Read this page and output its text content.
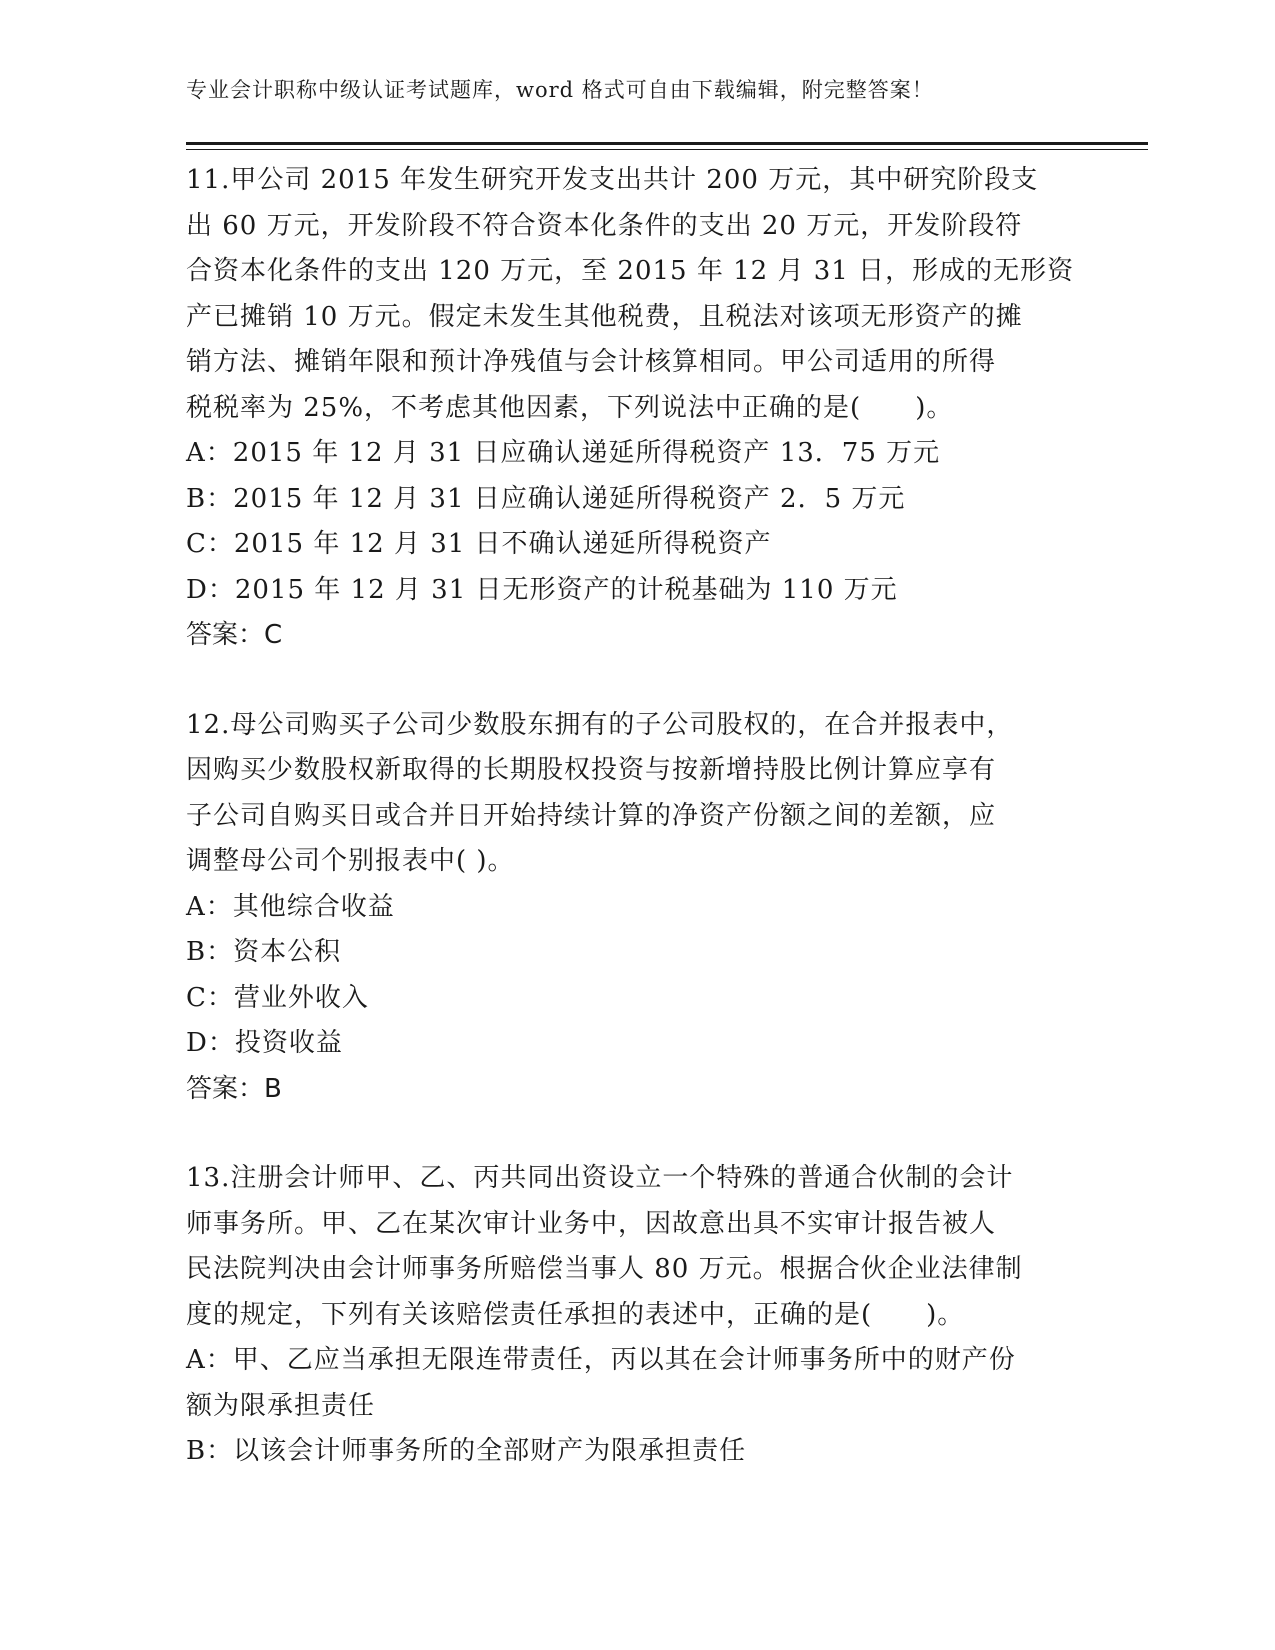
专业会计职称中级认证考试题库，word 格式可自由下载编辑，附完整答案！
11.甲公司 2015 年发生研究开发支出共计 200 万元，其中研究阶段支
出 60 万元，开发阶段不符合资本化条件的支出 20 万元，开发阶段符
合资本化条件的支出 120 万元，至 2015 年 12 月 31 日，形成的无形资
产已摊销 10 万元。假定未发生其他税费，且税法对该项无形资产的摊
销方法、摊销年限和预计净残值与会计核算相同。甲公司适用的所得
税税率为 25%，不考虑其他因素，下列说法中正确的是(　　)。
A：2015 年 12 月 31 日应确认递延所得税资产 13．75 万元
B：2015 年 12 月 31 日应确认递延所得税资产 2．5 万元
C：2015 年 12 月 31 日不确认递延所得税资产
D：2015 年 12 月 31 日无形资产的计税基础为 110 万元
答案：C
12.母公司购买子公司少数股东拥有的子公司股权的，在合并报表中，
因购买少数股权新取得的长期股权投资与按新增持股比例计算应享有
子公司自购买日或合并日开始持续计算的净资产份额之间的差额，应
调整母公司个别报表中( )。
A：其他综合收益
B：资本公积
C：营业外收入
D：投资收益
答案：B
13.注册会计师甲、乙、丙共同出资设立一个特殊的普通合伙制的会计
师事务所。甲、乙在某次审计业务中，因故意出具不实审计报告被人
民法院判决由会计师事务所赔偿当事人 80 万元。根据合伙企业法律制
度的规定，下列有关该赔偿责任承担的表述中，正确的是(　　)。
A：甲、乙应当承担无限连带责任，丙以其在会计师事务所中的财产份
额为限承担责任
B：以该会计师事务所的全部财产为限承担责任
